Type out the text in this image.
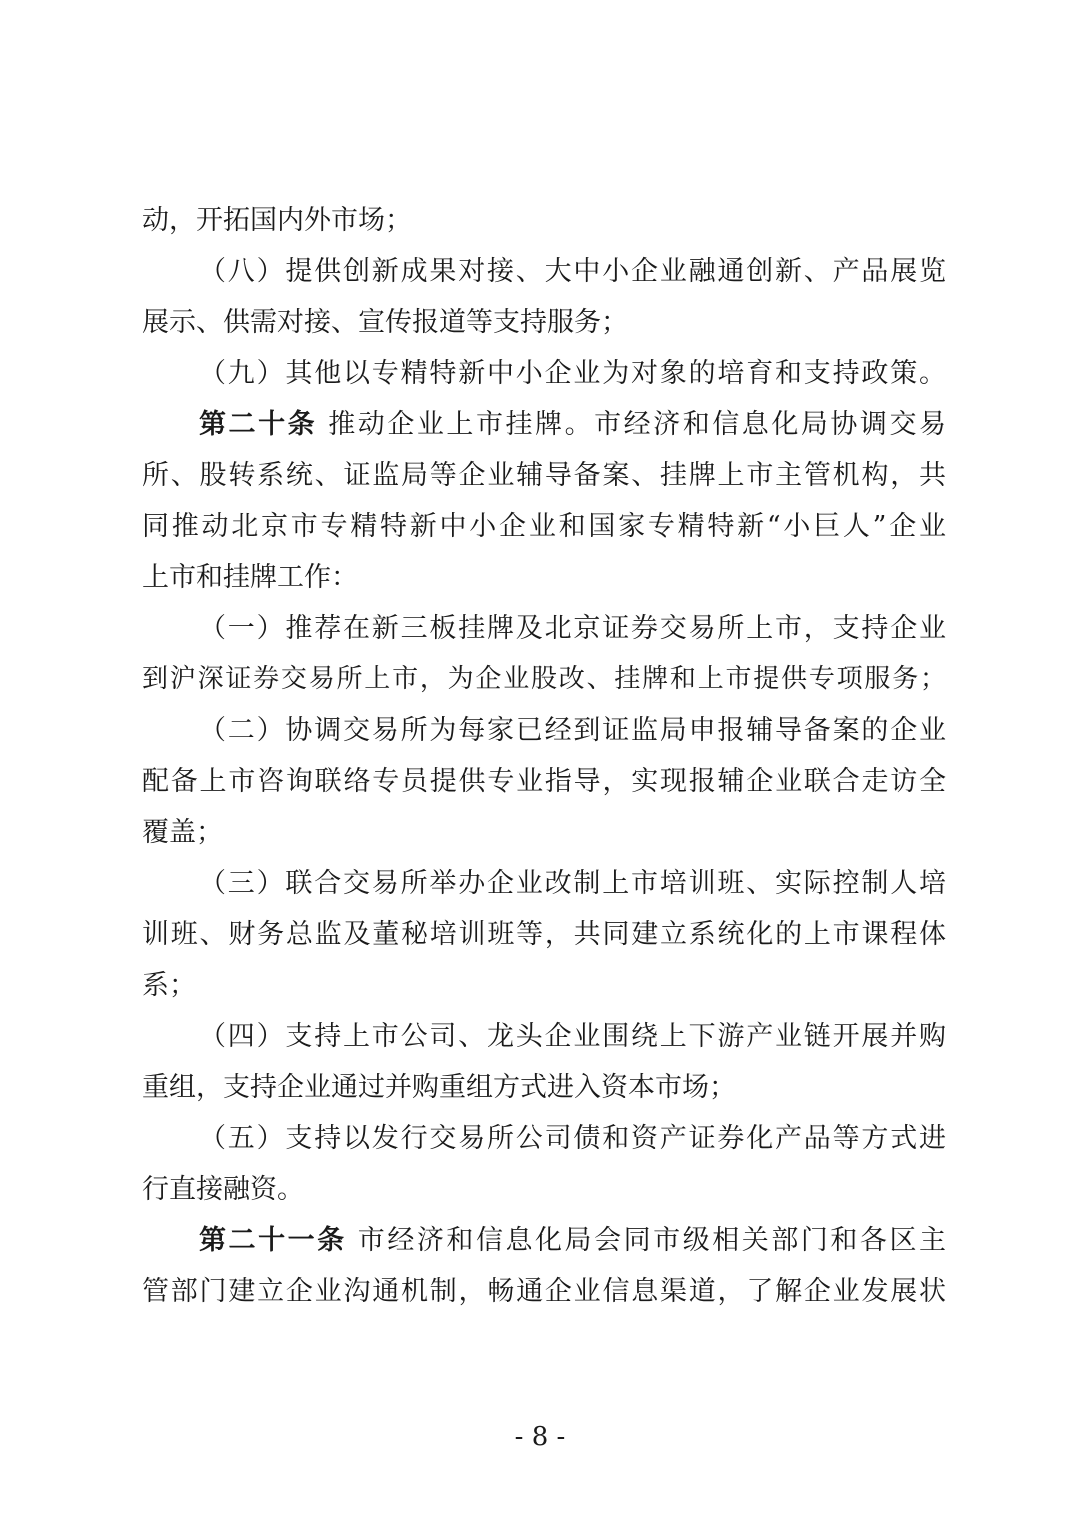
动，开拓国内外市场；
（八）提供创新成果对接、大中小企业融通创新、产品展览
展示、供需对接、宣传报道等支持服务；
（九）其他以专精特新中小企业为对象的培育和支持政策。
第二十条 推动企业上市挂牌。市经济和信息化局协调交易
所、股转系统、证监局等企业辅导备案、挂牌上市主管机构，共
同推动北京市专精特新中小企业和国家专精特新“小巨人”企业
上市和挂牌工作：
（一）推荐在新三板挂牌及北京证券交易所上市，支持企业
到沪深证券交易所上市，为企业股改、挂牌和上市提供专项服务；
（二）协调交易所为每家已经到证监局申报辅导备案的企业
配备上市咨询联络专员提供专业指导，实现报辅企业联合走访全
覆盖；
（三）联合交易所举办企业改制上市培训班、实际控制人培
训班、财务总监及董秘培训班等，共同建立系统化的上市课程体
系；
（四）支持上市公司、龙头企业围绕上下游产业链开展并购
重组，支持企业通过并购重组方式进入资本市场；
（五）支持以发行交易所公司债和资产证券化产品等方式进
行直接融资。
第二十一条 市经济和信息化局会同市级相关部门和各区主
管部门建立企业沟通机制，畅通企业信息渠道，了解企业发展状
- 8 -
